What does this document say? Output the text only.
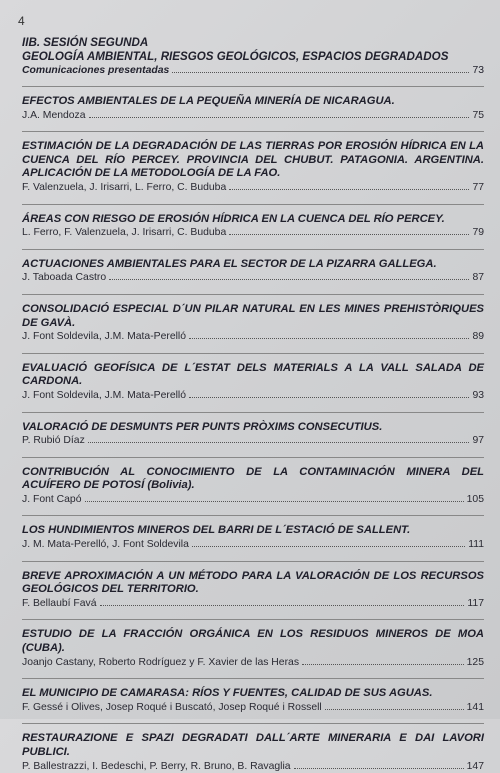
4
IIB. SESIÓN SEGUNDA
GEOLOGÍA AMBIENTAL, RIESGOS GEOLÓGICOS, ESPACIOS DEGRADADOS
Comunicaciones presentadas	73
EFECTOS AMBIENTALES DE LA PEQUEÑA MINERÍA DE NICARAGUA.
J.A. Mendoza	75
ESTIMACIÓN DE LA DEGRADACIÓN DE LAS TIERRAS POR EROSIÓN HÍDRICA EN LA CUENCA DEL RÍO PERCEY. PROVINCIA DEL CHUBUT. PATAGONIA. ARGENTINA. APLICACIÓN DE LA METODOLOGÍA DE LA FAO.
F. Valenzuela, J. Irisarri, L. Ferro, C. Buduba	77
ÁREAS CON RIESGO DE EROSIÓN HÍDRICA EN LA CUENCA DEL RÍO PERCEY.
L. Ferro, F. Valenzuela, J. Irisarri, C. Buduba	79
ACTUACIONES AMBIENTALES PARA EL SECTOR DE LA PIZARRA GALLEGA.
J. Taboada Castro	87
CONSOLIDACIÓ ESPECIAL D´UN PILAR NATURAL EN LES MINES PREHISTÒRIQUES DE GAVÀ.
J. Font Soldevila, J.M. Mata-Perelló	89
EVALUACIÓ GEOFÍSICA DE L´ESTAT DELS MATERIALS A LA VALL SALADA DE CARDONA.
J. Font Soldevila, J.M. Mata-Perelló	93
VALORACIÓ DE DESMUNTS PER PUNTS PRÒXIMS CONSECUTIUS.
P. Rubió Díaz	97
CONTRIBUCIÓN AL CONOCIMIENTO DE LA CONTAMINACIÓN MINERA DEL ACUÍFERO DE POTOSÍ (Bolivia).
J. Font Capó	105
LOS HUNDIMIENTOS MINEROS DEL BARRI DE L´ESTACIÓ DE SALLENT.
J. M. Mata-Perelló, J. Font Soldevila	111
BREVE APROXIMACIÓN A UN MÉTODO PARA LA VALORACIÓN DE LOS RECURSOS GEOLÓGICOS DEL TERRITORIO.
F. Bellaubí Favá	117
ESTUDIO DE LA FRACCIÓN ORGÁNICA EN LOS RESIDUOS MINEROS DE MOA (CUBA).
Joanjo Castany, Roberto Rodríguez y F. Xavier de las Heras	125
EL MUNICIPIO DE CAMARASA: RÍOS Y FUENTES, CALIDAD DE SUS AGUAS.
F. Gessé i Olives, Josep Roqué i Buscató, Josep Roqué i Rossell	141
RESTAURAZIONE E SPAZI DEGRADATI DALL´ARTE MINERARIA E DAI LAVORI PUBLICI.
P. Ballestrazzi, I. Bedeschi, P. Berry, R. Bruno, B. Ravaglia	147
